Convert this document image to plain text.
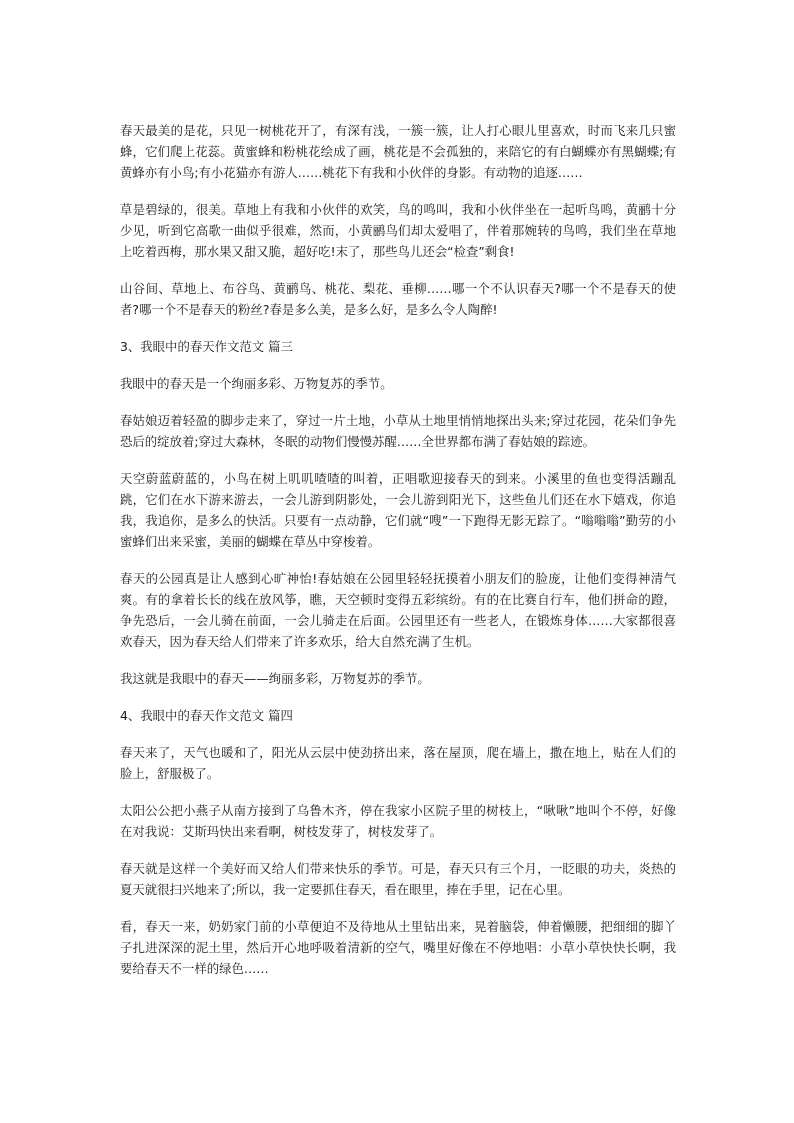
春天最美的是花，只见一树桃花开了，有深有浅，一簇一簇，让人打心眼儿里喜欢，时而飞来几只蜜蜂，它们爬上花蕊。黄蜜蜂和粉桃花绘成了画，桃花是不会孤独的，来陪它的有白蝴蝶亦有黑蝴蝶;有黄蜂亦有小鸟;有小花猫亦有游人……桃花下有我和小伙伴的身影。有动物的追逐……

草是碧绿的，很美。草地上有我和小伙伴的欢笑，鸟的鸣叫，我和小伙伴坐在一起听鸟鸣，黄鹂十分少见，听到它高歌一曲似乎很难，然而，小黄鹂鸟们却太爱唱了，伴着那婉转的鸟鸣，我们坐在草地上吃着西梅，那水果又甜又脆，超好吃!末了，那些鸟儿还会“检查”剩食!

山谷间、草地上、布谷鸟、黄鹂鸟、桃花、梨花、垂柳……哪一个不认识春天?哪一个不是春天的使者?哪一个不是春天的粉丝?春是多么美，是多么好，是多么令人陶醉!

3、我眼中的春天作文范文 篇三

我眼中的春天是一个绚丽多彩、万物复苏的季节。

春姑娘迈着轻盈的脚步走来了，穿过一片土地，小草从土地里悄悄地探出头来;穿过花园，花朵们争先恐后的绽放着;穿过大森林，冬眠的动物们慢慢苏醒……全世界都布满了春姑娘的踪迹。

天空蔚蓝蔚蓝的，小鸟在树上叽叽喳喳的叫着，正唱歌迎接春天的到来。小溪里的鱼也变得活蹦乱跳，它们在水下游来游去，一会儿游到阴影处，一会儿游到阳光下，这些鱼儿们还在水下嬉戏，你追我，我追你，是多么的快活。只要有一点动静，它们就“嗖”一下跑得无影无踪了。“嗡嗡嗡”勤劳的小蜜蜂们出来采蜜，美丽的蝴蝶在草丛中穿梭着。

春天的公园真是让人感到心旷神怡!春姑娘在公园里轻轻抚摸着小朋友们的脸庞，让他们变得神清气爽。有的拿着长长的线在放风筝，瞧，天空顿时变得五彩缤纷。有的在比赛自行车，他们拼命的蹬，争先恐后，一会儿骑在前面，一会儿骑走在后面。公园里还有一些老人，在锻炼身体……大家都很喜欢春天，因为春天给人们带来了许多欢乐，给大自然充满了生机。

我这就是我眼中的春天——绚丽多彩，万物复苏的季节。

4、我眼中的春天作文范文 篇四

春天来了，天气也暖和了，阳光从云层中使劲挤出来，落在屋顶，爬在墙上，撒在地上，贴在人们的脸上，舒服极了。

太阳公公把小燕子从南方接到了乌鲁木齐，停在我家小区院子里的树枝上，“啾啾”地叫个不停，好像在对我说：艾斯玛快出来看啊，树枝发芽了，树枝发芽了。

春天就是这样一个美好而又给人们带来快乐的季节。可是，春天只有三个月，一眨眼的功夫，炎热的夏天就很扫兴地来了;所以，我一定要抓住春天，看在眼里，捧在手里，记在心里。

看，春天一来，奶奶家门前的小草便迫不及待地从土里钻出来，晃着脑袋，伸着懒腰，把细细的脚丫子扎进深深的泥土里，然后开心地呼吸着清新的空气，嘴里好像在不停地唱：小草小草快快长啊，我要给春天不一样的绿色……
